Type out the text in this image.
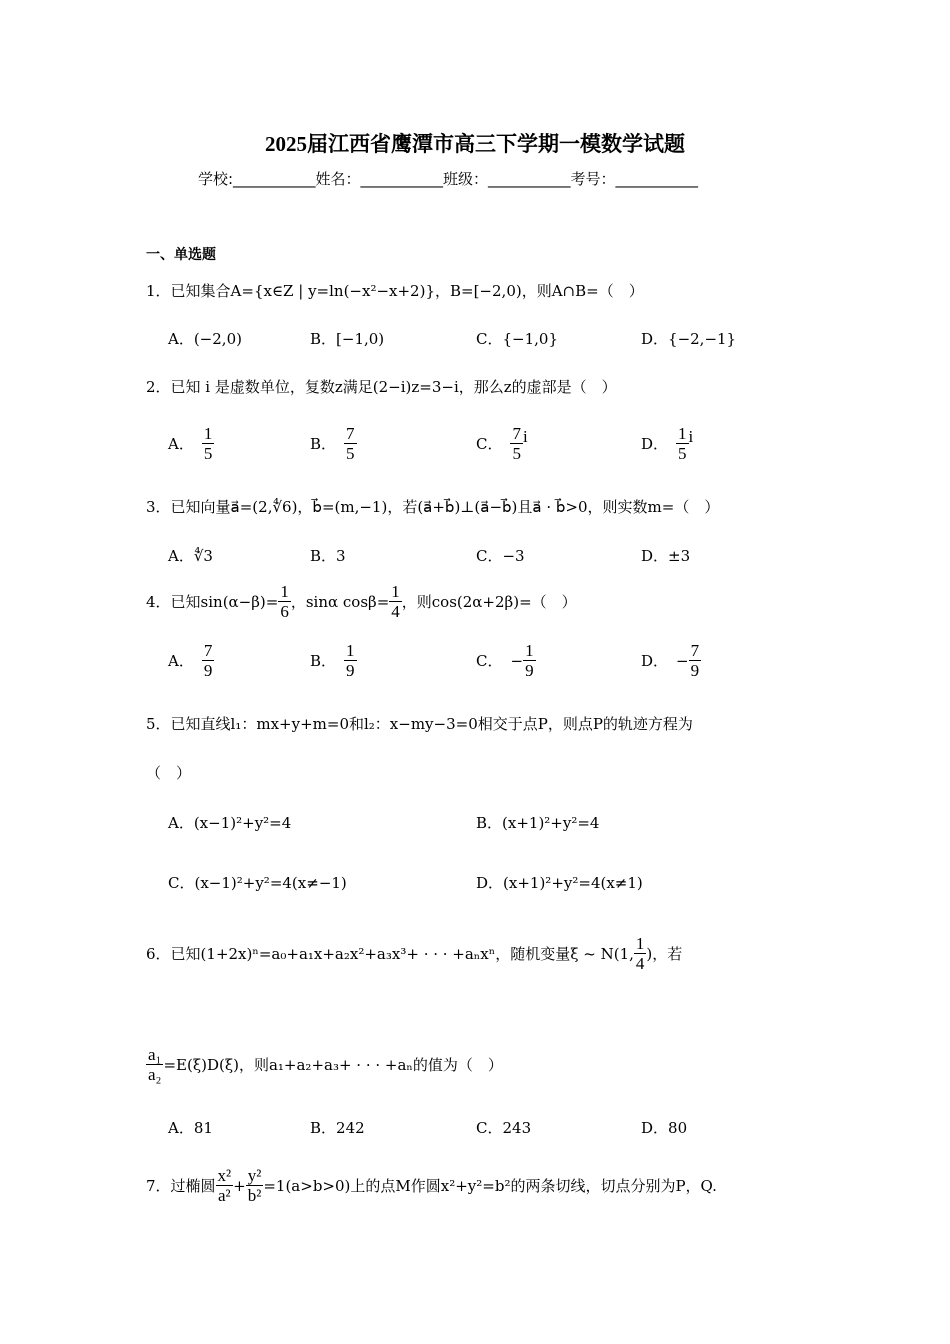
2025届江西省鹰潭市高三下学期一模数学试题
学校:___________姓名：___________班级：___________考号：___________
一、单选题
1．已知集合A={x∈Z | y=ln(−x²−x+2)}，B=[−2,0)，则A∩B=（　）
A．(−2,0)	B．[−1,0)	C．{−1,0}	D．{−2,−1}
2．已知 i 是虚数单位，复数z满足(2−i)z=3−i，那么z的虚部是（　）
A． $\frac{1}{5}$	B． $\frac{7}{5}$	C． $\frac{7}{5}$ i	D． $\frac{1}{5}$ i
3．已知向量a⃗=(2,∜6)，b⃗=(m,−1)，若(a⃗+b⃗)⊥(a⃗−b⃗)且a⃗ · b⃗>0，则实数m=（　）
A．∜3	B．3	C．−3	D．±3
4．已知$\sin(\alpha-\beta)= \frac{1}{6}$ ，sinα $\cos\beta= \frac{1}{4}$ ，则cos(2α+2β)=（　）
A． $\frac{7}{9}$	B． $\frac{1}{9}$	C． − $\frac{1}{9}$	D． − $\frac{7}{9}$
5．已知直线l₁：mx+y+m=0和l₂：x−my−3=0相交于点P，则点P的轨迹方程为
（　）
A．(x−1)²+y²=4	B．(x+1)²+y²=4
C．(x−1)²+y²=4(x≠−1)	D．(x+1)²+y²=4(x≠1)
6．已知(1+2x)ⁿ=a₀+a₁x+a₂x²+a₃x³+ · · · +aₙxⁿ，随机变量ξ ~ N(1, $\frac{1}{4}$ )，若
$\frac{\text{a₁}}{\text{a₂}} =E(\xi)D(\xi)$，则a₁+a₂+a₃+ · · · +aₙ的值为（　）
A．81	B．242	C．243	D．80
7．过椭圆 $\frac{\text{x²}}{\text{a²}} + \frac{\text{y²}}{\text{b²}} =1(a>b>0)$上的点M作圆x²+y²=b²的两条切线，切点分别为P，Q.
